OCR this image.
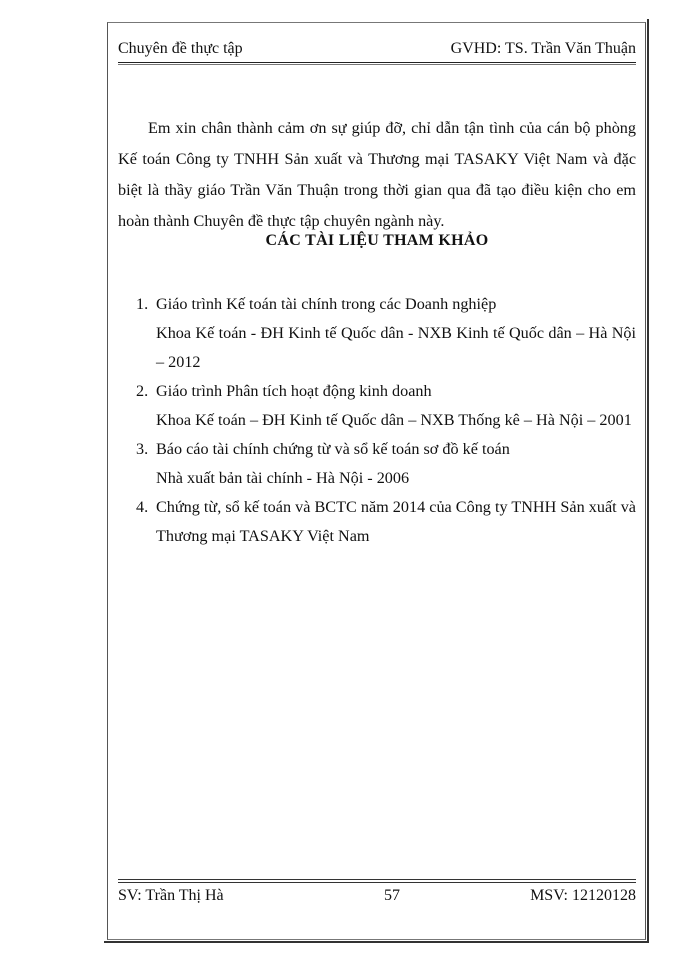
Chuyên đề thực tập	GVHD: TS. Trần Văn Thuận

Em xin chân thành cảm ơn sự giúp đỡ, chỉ dẫn tận tình của cán bộ phòng Kế toán Công ty TNHH Sản xuất và Thương mại TASAKY Việt Nam và đặc biệt là thầy giáo Trần Văn Thuận trong thời gian qua đã tạo điều kiện cho em hoàn thành Chuyên đề thực tập chuyên ngành này.

CÁC TÀI LIỆU THAM KHẢO
1. Giáo trình Kế toán tài chính trong các Doanh nghiệp
Khoa Kế toán - ĐH Kinh tế Quốc dân - NXB Kinh tế Quốc dân – Hà Nội – 2012
2. Giáo trình Phân tích hoạt động kinh doanh
Khoa Kế toán – ĐH Kinh tế Quốc dân – NXB Thống kê – Hà Nội – 2001
3. Báo cáo tài chính chứng từ và sổ kế toán sơ đồ kế toán
Nhà xuất bản tài chính - Hà Nội - 2006
4. Chứng từ, sổ kế toán và BCTC năm 2014 của Công ty TNHH Sản xuất và Thương mại TASAKY Việt Nam
SV: Trần Thị Hà	57	MSV: 12120128
